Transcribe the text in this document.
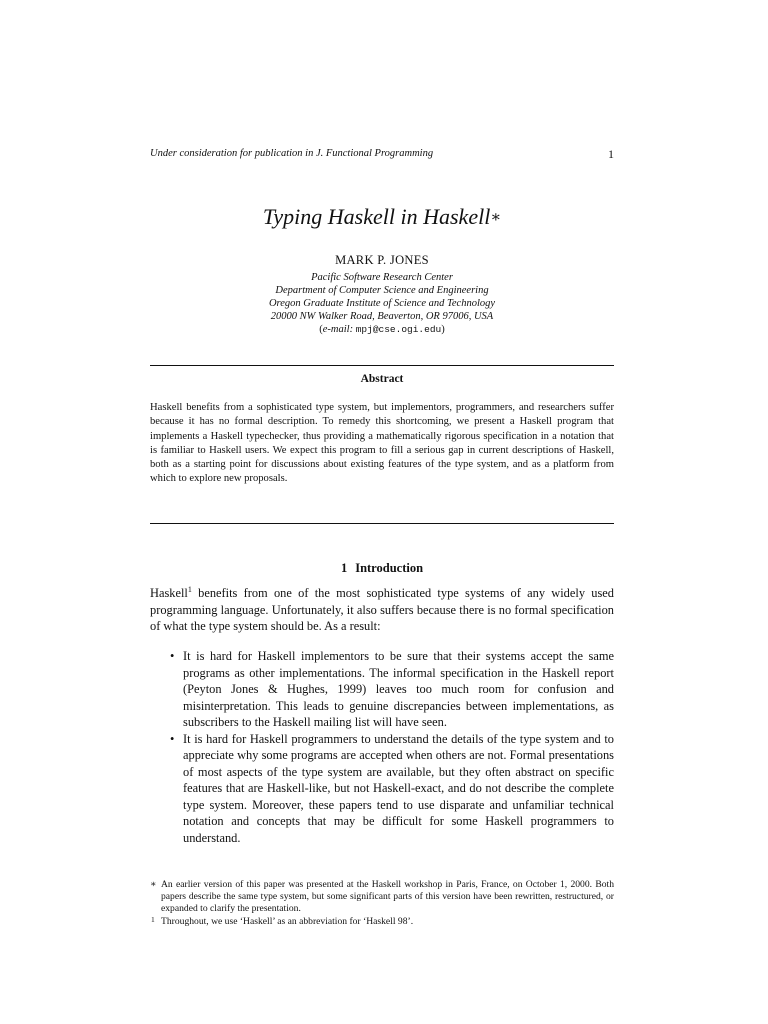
Under consideration for publication in J. Functional Programming	1
Typing Haskell in Haskell∗
MARK P. JONES
Pacific Software Research Center
Department of Computer Science and Engineering
Oregon Graduate Institute of Science and Technology
20000 NW Walker Road, Beaverton, OR 97006, USA
(e-mail: mpj@cse.ogi.edu)
Abstract
Haskell benefits from a sophisticated type system, but implementors, programmers, and researchers suffer because it has no formal description. To remedy this shortcoming, we present a Haskell program that implements a Haskell typechecker, thus providing a mathematically rigorous specification in a notation that is familiar to Haskell users. We expect this program to fill a serious gap in current descriptions of Haskell, both as a starting point for discussions about existing features of the type system, and as a platform from which to explore new proposals.
1 Introduction
Haskell$^1$ benefits from one of the most sophisticated type systems of any widely used programming language. Unfortunately, it also suffers because there is no formal specification of what the type system should be. As a result:
• It is hard for Haskell implementors to be sure that their systems accept the same programs as other implementations. The informal specification in the Haskell report (Peyton Jones & Hughes, 1999) leaves too much room for confusion and misinterpretation. This leads to genuine discrepancies between implementations, as subscribers to the Haskell mailing list will have seen.
• It is hard for Haskell programmers to understand the details of the type system and to appreciate why some programs are accepted when others are not. Formal presentations of most aspects of the type system are available, but they often abstract on specific features that are Haskell-like, but not Haskell-exact, and do not describe the complete type system. Moreover, these papers tend to use disparate and unfamiliar technical notation and concepts that may be difficult for some Haskell programmers to understand.
∗ An earlier version of this paper was presented at the Haskell workshop in Paris, France, on October 1, 2000. Both papers describe the same type system, but some significant parts of this version have been rewritten, restructured, or expanded to clarify the presentation.
1 Throughout, we use ‘Haskell’ as an abbreviation for ‘Haskell 98’.
